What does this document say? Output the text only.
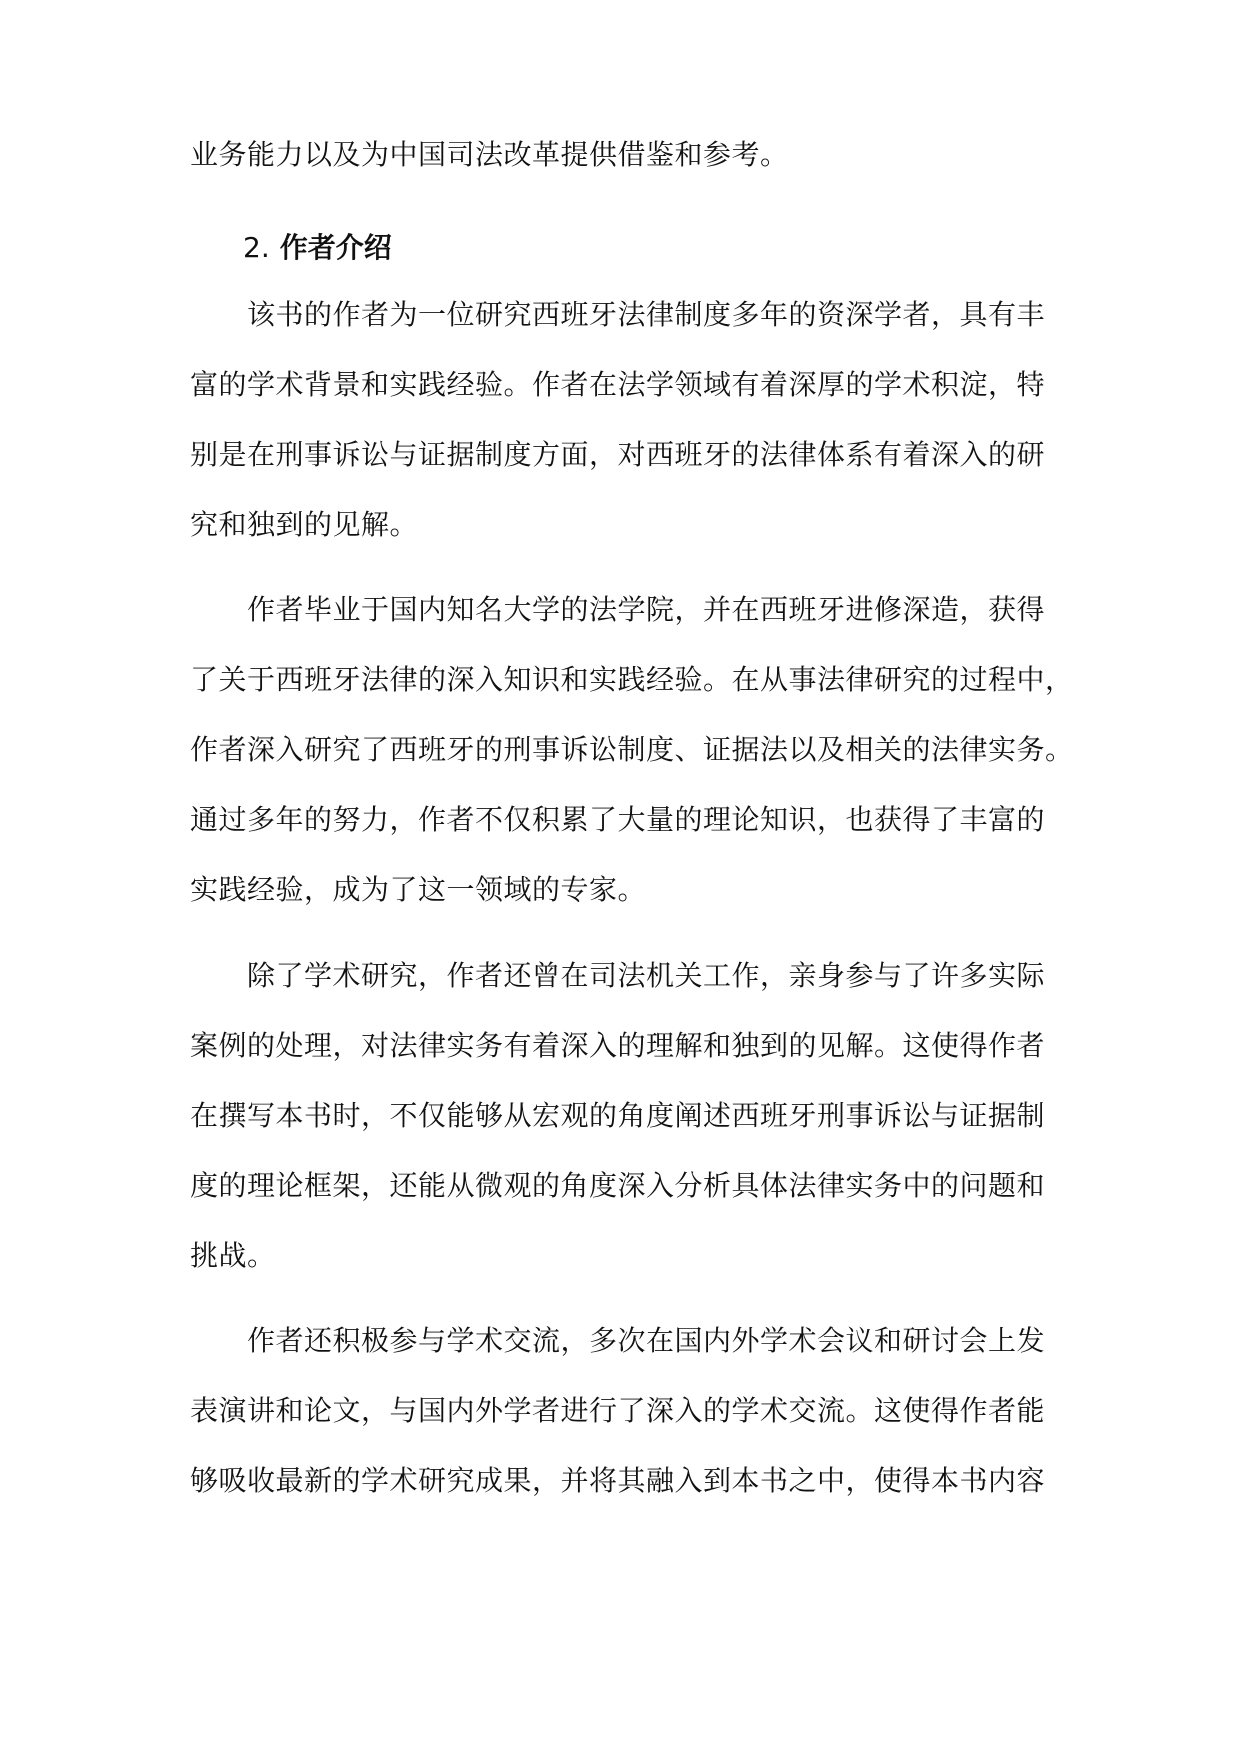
业务能力以及为中国司法改革提供借鉴和参考。
2. 作者介绍
该书的作者为一位研究西班牙法律制度多年的资深学者，具有丰
富的学术背景和实践经验。作者在法学领域有着深厚的学术积淀，特
别是在刑事诉讼与证据制度方面，对西班牙的法律体系有着深入的研
究和独到的见解。
作者毕业于国内知名大学的法学院，并在西班牙进修深造，获得
了关于西班牙法律的深入知识和实践经验。在从事法律研究的过程中，
作者深入研究了西班牙的刑事诉讼制度、证据法以及相关的法律实务。
通过多年的努力，作者不仅积累了大量的理论知识，也获得了丰富的
实践经验，成为了这一领域的专家。
除了学术研究，作者还曾在司法机关工作，亲身参与了许多实际
案例的处理，对法律实务有着深入的理解和独到的见解。这使得作者
在撰写本书时，不仅能够从宏观的角度阐述西班牙刑事诉讼与证据制
度的理论框架，还能从微观的角度深入分析具体法律实务中的问题和
挑战。
作者还积极参与学术交流，多次在国内外学术会议和研讨会上发
表演讲和论文，与国内外学者进行了深入的学术交流。这使得作者能
够吸收最新的学术研究成果，并将其融入到本书之中，使得本书内容
